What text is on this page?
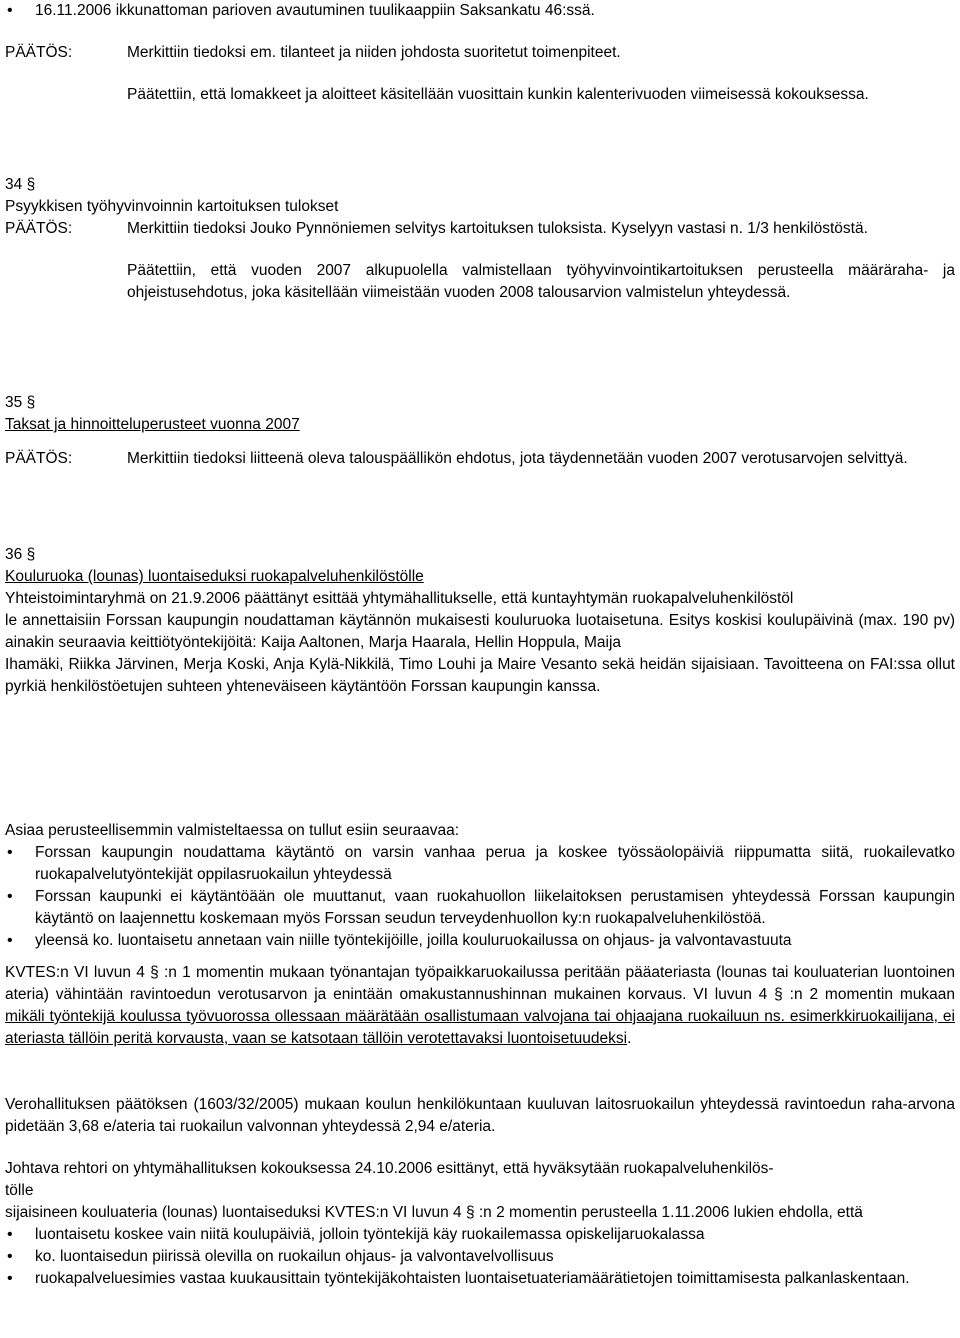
• 16.11.2006 ikkunattoman parioven avautuminen tuulikaappiin Saksankatu 46:ssä.
PÄÄTÖS:	Merkittiin tiedoksi em. tilanteet ja niiden johdosta suoritetut toimenpiteet.
Päätettiin, että lomakkeet ja aloitteet käsitellään vuosittain kunkin kalenterivuoden viimeisessä kokouksessa.
34 §
Psyykkisen työhyvinvoinnin kartoituksen tulokset
PÄÄTÖS:	Merkittiin tiedoksi Jouko Pynnöniemen selvitys kartoituksen tuloksista. Kyselyyn vastasi n. 1/3 henkilöstöstä.
Päätettiin, että vuoden 2007 alkupuolella valmistellaan työhyvinvointikartoituksen perusteella määräraha- ja ohjeistusehdotus, joka käsitellään viimeistään vuoden 2008 talousarvion valmistelun yhteydessä.
35 §
Taksat ja hinnoitteluperusteet vuonna 2007
PÄÄTÖS:	Merkittiin tiedoksi liitteenä oleva talouspäällikön ehdotus, jota täydennetään vuoden 2007 verotusarvojen selvittyä.
36 §
Kouluruoka (lounas) luontaiseduksi ruokapalveluhenkilöstölle
Yhteistoimintaryhmä on 21.9.2006 päättänyt esittää yhtymähallitukselle, että kuntayhtymän ruokapalveluhenkilöstöl
le annettaisiin Forssan kaupungin noudattaman käytännön mukaisesti kouluruoka luotaisetuna. Esitys koskisi koulupäivinä (max. 190 pv) ainakin seuraavia keittiötyöntekijöitä: Kaija Aaltonen, Marja Haarala, Hellin Hoppula, Maija
Ihamäki, Riikka Järvinen, Merja Koski, Anja Kylä-Nikkilä, Timo Louhi ja Maire Vesanto sekä heidän sijaisiaan. Tavoitteena on FAI:ssa ollut pyrkiä henkilöstöetujen suhteen yhteneväiseen käytäntöön Forssan kaupungin kanssa.
Asiaa perusteellisemmin valmisteltaessa on tullut esiin seuraavaa:
• Forssan kaupungin noudattama käytäntö on varsin vanhaa perua ja koskee työssäolopäiviä riippumatta siitä, ruokailevatko ruokapalvelutyöntekijät oppilasruokailun yhteydessä
• Forssan kaupunki ei käytäntöään ole muuttanut, vaan ruokahuollon liikelaitoksen perustamisen yhteydessä Forssan kaupungin käytäntö on laajennettu koskemaan myös Forssan seudun terveydenhuollon ky:n ruokapalveluhenkilöstöä.
• yleensä ko. luontaisetu annetaan vain niille työntekijöille, joilla kouluruokailussa on ohjaus- ja valvontavastuuta
KVTES:n VI luvun 4 § :n 1 momentin mukaan työnantajan työpaikkaruokailussa peritään pääateriasta (lounas tai kouluaterian luontoinen ateria) vähintään ravintoedun verotusarvon ja enintään omakustannushinnan mukainen korvaus. VI luvun 4 § :n 2 momentin mukaan mikäli työntekijä koulussa työvuorossa ollessaan määrätään osallistumaan valvojana tai ohjaajana ruokailuun ns. esimerkkiruokailijana, ei ateriasta tällöin peritä korvausta, vaan se katsotaan tällöin verotettavaksi luontoisetuudeksi.
Verohallituksen päätöksen (1603/32/2005) mukaan koulun henkilökuntaan kuuluvan laitosruokailun yhteydessä ravintoedun raha-arvona pidetään 3,68 e/ateria tai ruokailun valvonnan yhteydessä 2,94 e/ateria.
Johtava rehtori on yhtymähallituksen kokouksessa 24.10.2006 esittänyt, että hyväksytään ruokapalveluhenkilös-
tölle
sijaisineen kouluateria (lounas) luontaiseduksi KVTES:n VI luvun 4 § :n 2 momentin perusteella 1.11.2006 lukien ehdolla, että
• luontaisetu koskee vain niitä koulupäiviä, jolloin työntekijä käy ruokailemassa opiskelijaruokalassa
• ko. luontaisedun piirissä olevilla on ruokailun ohjaus- ja valvontavelvollisuus
• ruokapalveluesimies vastaa kuukausittain työntekijäkohtaisten luontaisetuateriamäärätietojen toimittamisesta palkanlaskentaan.
